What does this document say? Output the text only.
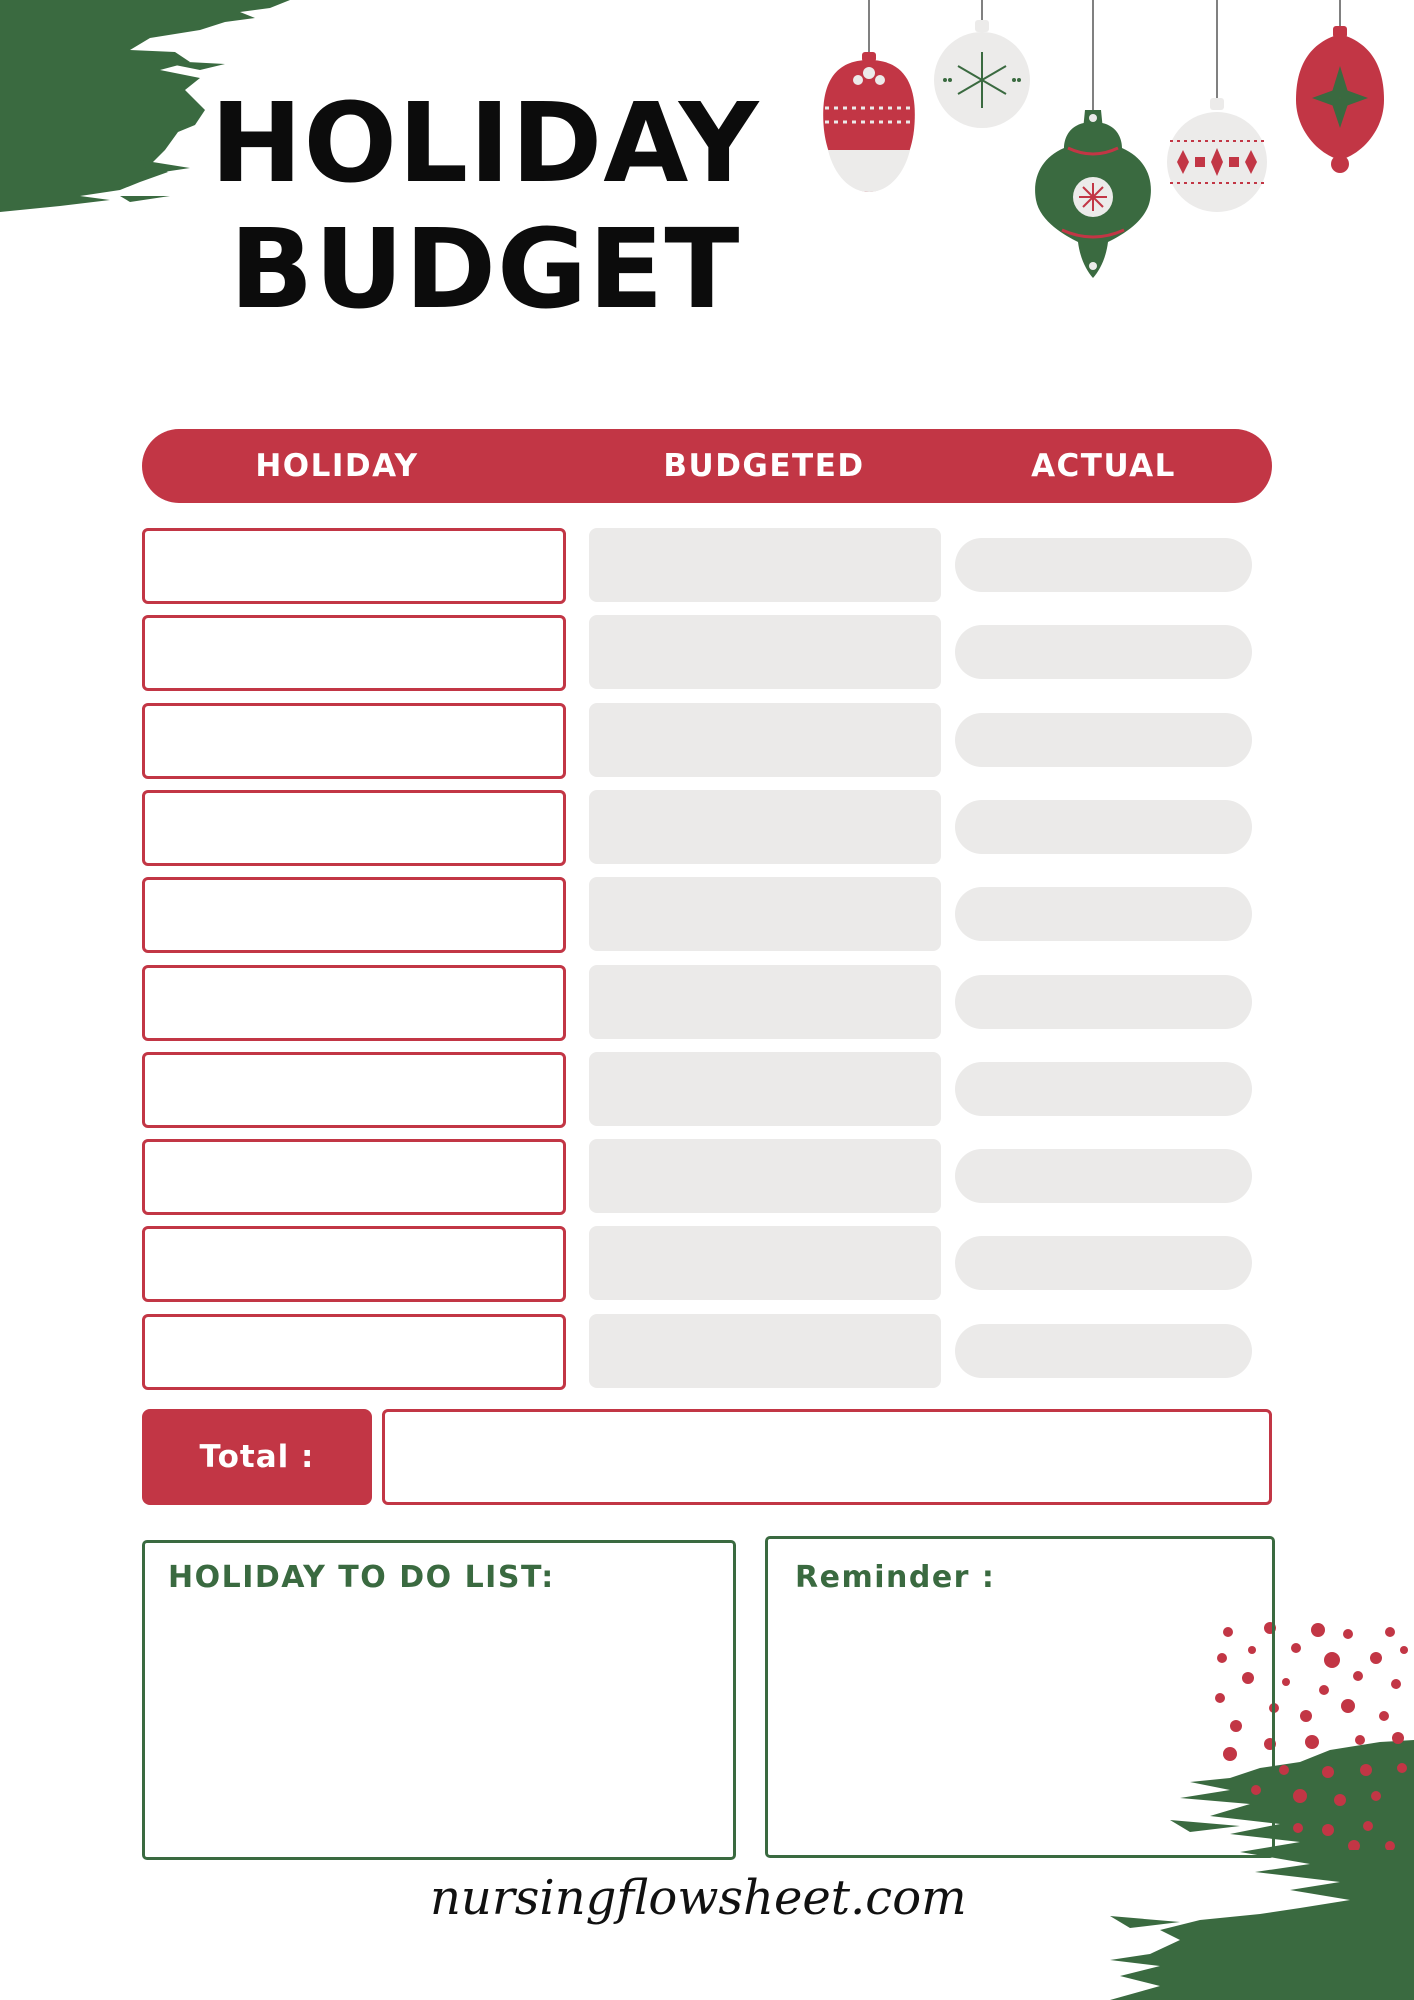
HOLIDAY
BUDGET
HOLIDAY	BUDGETED	ACTUAL
Total :
HOLIDAY TO DO LIST:	Reminder :
nursingflowsheet.com
